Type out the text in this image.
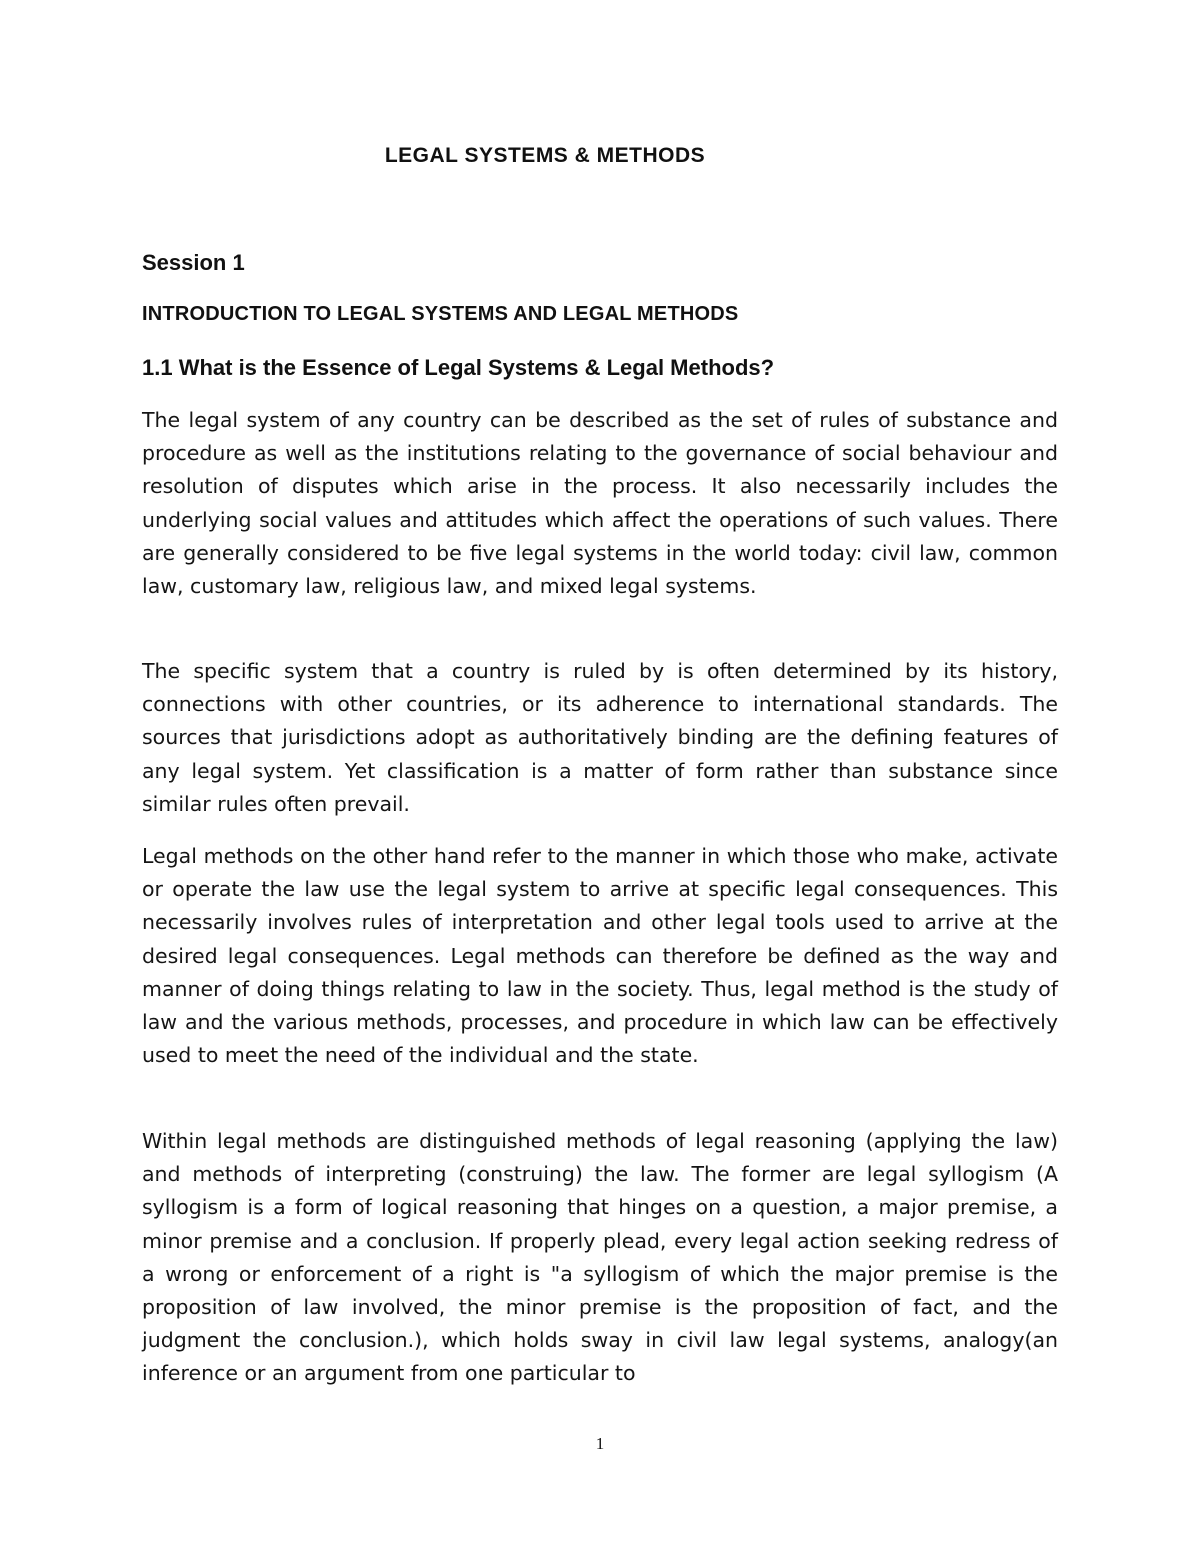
LEGAL SYSTEMS & METHODS
Session 1
INTRODUCTION TO LEGAL SYSTEMS AND LEGAL METHODS
1.1 What is the Essence of Legal Systems & Legal Methods?

The legal system of any country can be described as the set of rules of substance and procedure as well as the institutions relating to the governance of social behaviour and resolution of disputes which arise in the process. It also necessarily includes the underlying social values and attitudes which affect the operations of such values. There are generally considered to be five legal systems in the world today: civil law, common law, customary law, religious law, and mixed legal systems.

The specific system that a country is ruled by is often determined by its history, connections with other countries, or its adherence to international standards. The sources that jurisdictions adopt as authoritatively binding are the defining features of any legal system. Yet classification is a matter of form rather than substance since similar rules often prevail.

Legal methods on the other hand refer to the manner in which those who make, activate or operate the law use the legal system to arrive at specific legal consequences. This necessarily involves rules of interpretation and other legal tools used to arrive at the desired legal consequences. Legal methods can therefore be defined as the way and manner of doing things relating to law in the society. Thus, legal method is the study of law and the various methods, processes, and procedure in which law can be effectively used to meet the need of the individual and the state.

Within legal methods are distinguished methods of legal reasoning (applying the law) and methods of interpreting (construing) the law. The former are legal syllogism (A syllogism is a form of logical reasoning that hinges on a question, a major premise, a minor premise and a conclusion. If properly plead, every legal action seeking redress of a wrong or enforcement of a right is "a syllogism of which the major premise is the proposition of law involved, the minor premise is the proposition of fact, and the judgment the conclusion.), which holds sway in civil law legal systems, analogy(an inference or an argument from one particular to

1
